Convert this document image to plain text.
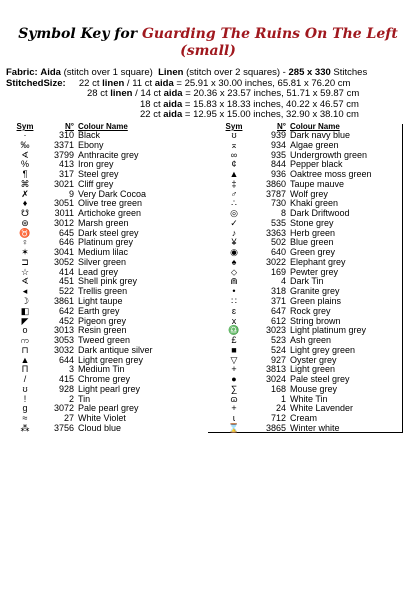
Symbol Key for Guarding The Ruins On The Left
(small)
Fabric: Aida (stitch over 1 square) Linen (stitch over 2 squares) - 285 x 330 Stitches
StitchedSize: 22 ct linen / 11 ct aida = 25.91 x 30.00 inches, 65.81 x 76.20 cm
28 ct linen / 14 ct aida = 20.36 x 23.57 inches, 51.71 x 59.87 cm
18 ct aida = 15.83 x 18.33 inches, 40.22 x 46.57 cm
22 ct aida = 12.95 x 15.00 inches, 32.90 x 38.10 cm
Sym	N° Colour Name
·	310 Black
‰	3371 Ebony
∢	3799 Anthracite grey
%	413 Iron grey
¶	317 Steel grey
⌘	3021 Cliff grey
✗	9 Very Dark Cocoa
♦	3051 Olive tree green
☋	3011 Artichoke green
⊛	3012 Marsh green
♉	645 Dark steel grey
♀	646 Platinum grey
✶	3041 Medium lilac
⊐	3052 Silver green
☆	414 Lead grey
∢	451 Shell pink grey
◂	522 Trellis green
☽	3861 Light taupe
◧	642 Earth grey
◤	452 Pigeon grey
o	3013 Resin green
က	3053 Tweed green
⊓	3032 Dark antique silver
▲	644 Light green grey
Π	3 Medium Tin
/	415 Chrome grey
ʊ	928 Light pearl grey
!	2 Tin
g	3072 Pale pearl grey
≈	27 White Violet
⁂	3756 Cloud blue
Sym	N° Colour Name
ʊ	939 Dark navy blue
⌅	934 Algae green
∞	935 Undergrowth green
¢	844 Pepper black
▲	936 Oaktree moss green
‡	3860 Taupe mauve
♂	3787 Wolf grey
∴	730 Khaki green
◎	8 Dark Driftwood
✓	535 Stone grey
♪	3363 Herb green
¥	502 Blue green
◉	640 Green grey
♠	3022 Elephant grey
⬦	169 Pewter grey
⋒	4 Dark Tin
•	318 Granite grey
∷	371 Green plains
ɛ	647 Rock grey
x	612 String brown
♎	3023 Light platinum grey
£	523 Ash green
■	524 Light grey green
▽	927 Oyster grey
+	3813 Light green
●	3024 Pale steel grey
∑	168 Mouse grey
ɷ	1 White Tin
+	24 White Lavender
ɩ	712 Cream
⌛	3865 Winter white
